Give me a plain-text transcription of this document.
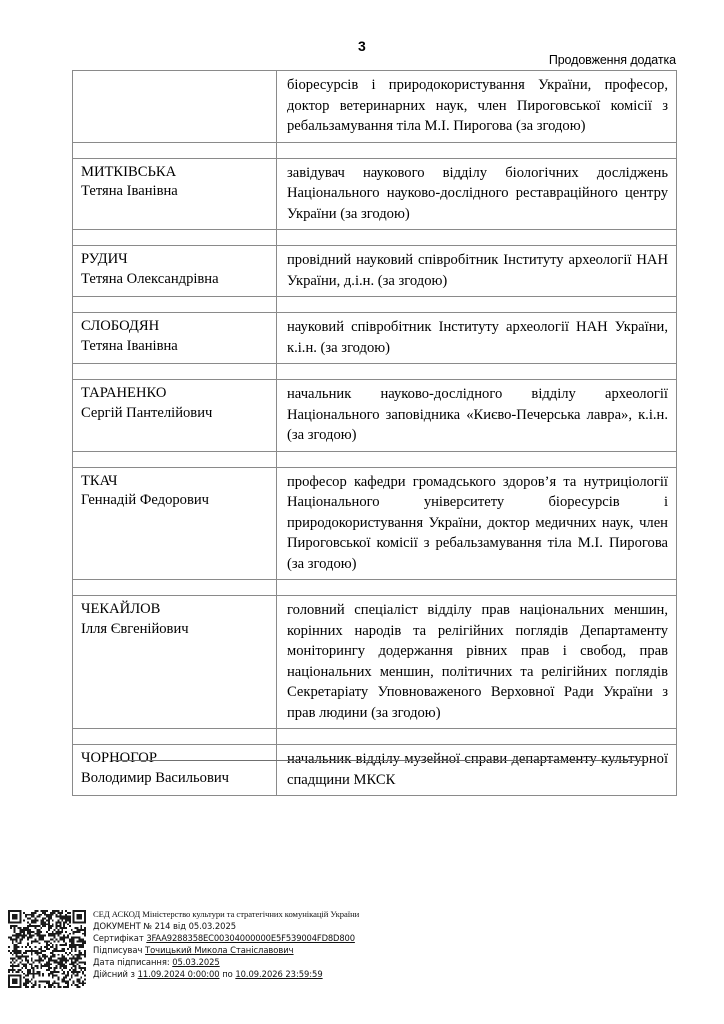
3
Продовження додатка

	біоресурсів і природокористування України, професор, доктор ветеринарних наук, член Пироговської комісії з ребальзамування тіла М.І. Пирогова (за згодою)

МИТКІВСЬКА
Тетяна Іванівна	завідувач наукового відділу біологічних досліджень Національного науково-дослідного реставраційного центру України (за згодою)

РУДИЧ
Тетяна Олександрівна	провідний науковий співробітник Інституту археології НАН України, д.і.н. (за згодою)

СЛОБОДЯН
Тетяна Іванівна	науковий співробітник Інституту археології НАН України, к.і.н. (за згодою)

ТАРАНЕНКО
Сергій Пантелійович	начальник науково-дослідного відділу археології Національного заповідника «Києво-Печерська лавра», к.і.н. (за згодою)

ТКАЧ
Геннадій Федорович	професор кафедри громадського здоров’я та нутриціології Національного університету біоресурсів і природокористування України, доктор медичних наук, член Пироговської комісії з ребальзамування тіла М.І. Пирогова (за згодою)

ЧЕКАЙЛОВ
Ілля Євгенійович	головний спеціаліст відділу прав національних меншин, корінних народів та релігійних поглядів Департаменту моніторингу додержання рівних прав і свобод, прав національних меншин, політичних та релігійних поглядів Секретаріату Уповноваженого Верховної Ради України з прав людини (за згодою)

ЧОРНОГОР
Володимир Васильович	начальник відділу музейної справи департаменту культурної спадщини МКСК
СЕД АСКОД Міністерство культури та стратегічних комунікацій України
ДОКУМЕНТ № 214 від 05.03.2025
Сертифікат 3FAA9288358EC00304000000E5F539004FD8D800
Підписувач Точицький Микола Станіславович
Дата підписання: 05.03.2025
Дійсний з 11.09.2024 0:00:00 по 10.09.2026 23:59:59
